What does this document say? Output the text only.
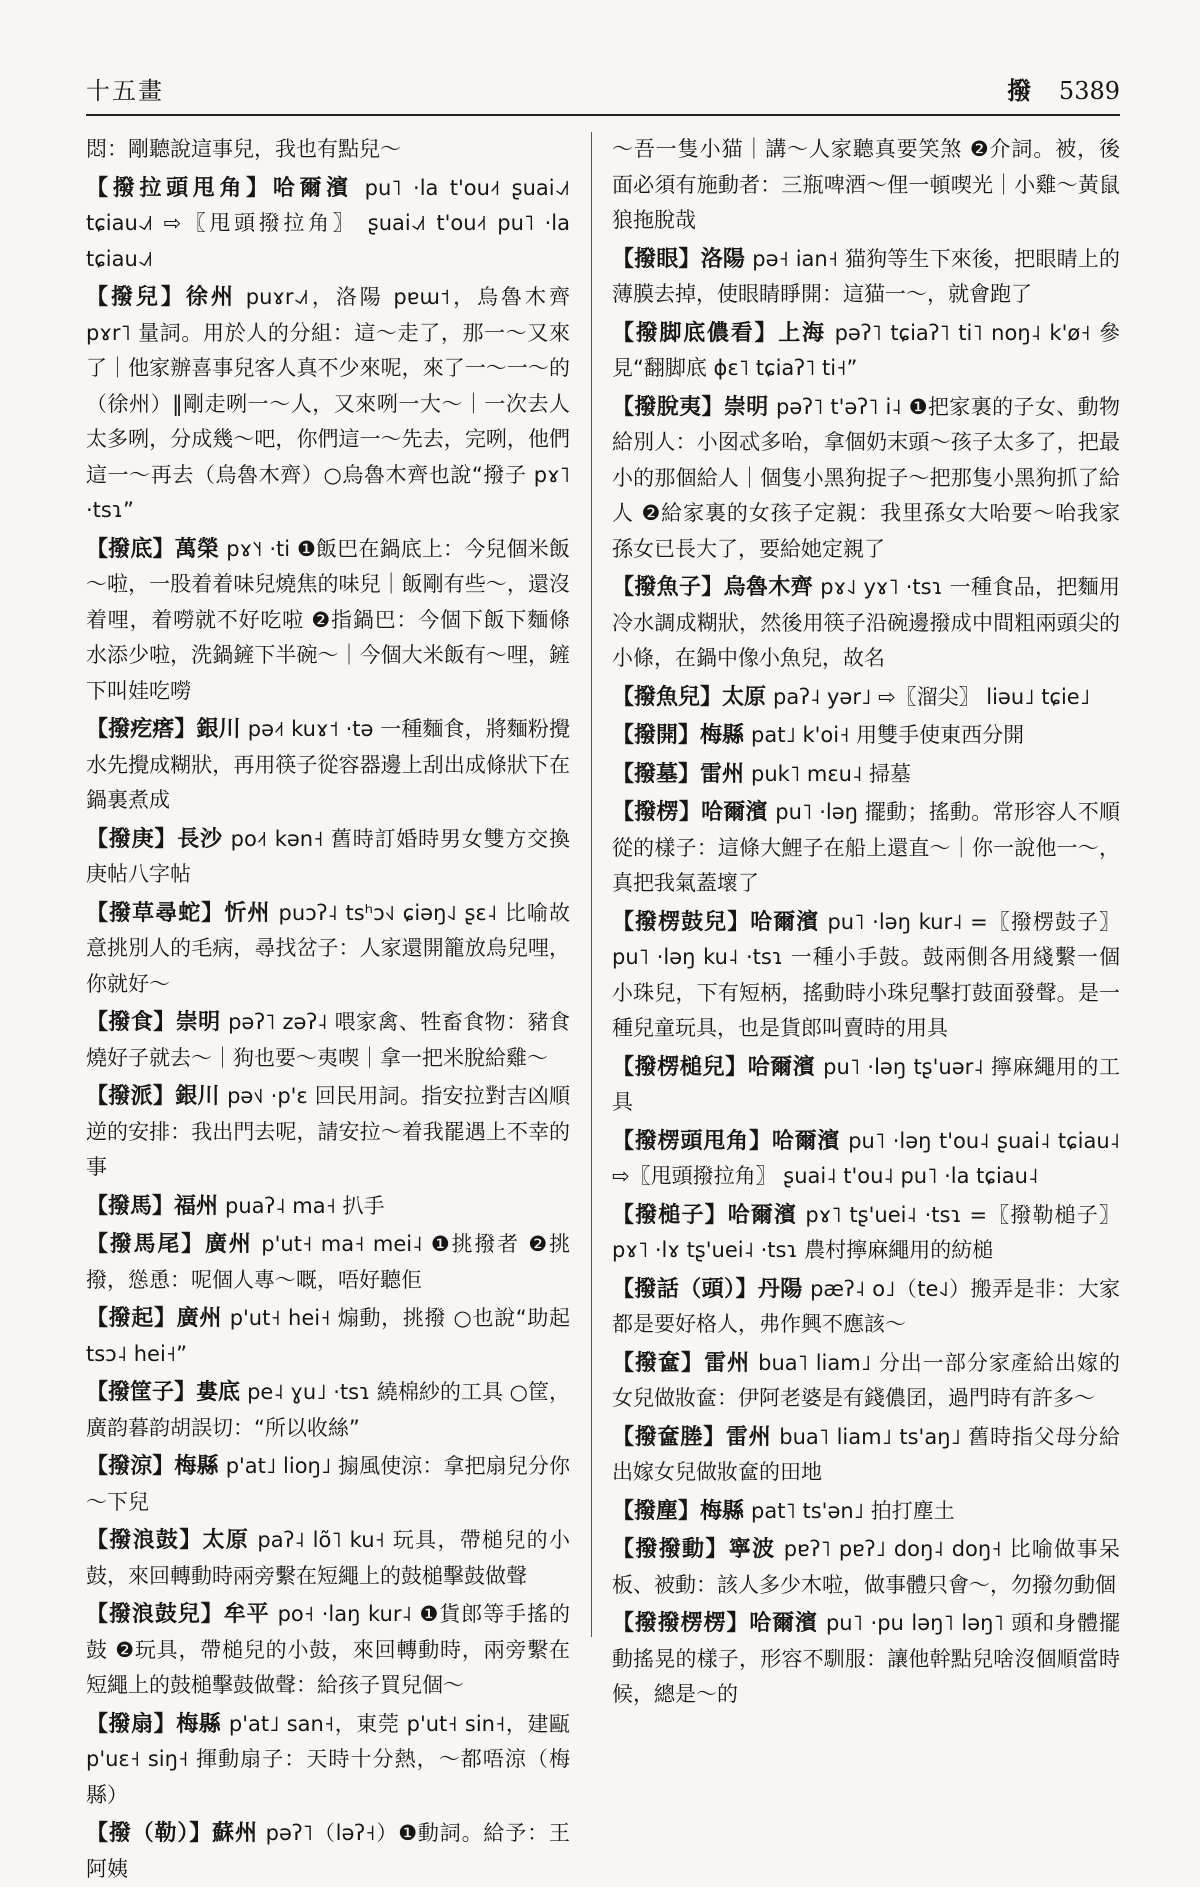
十五畫	撥 5389

悶：剛聽說這事兒，我也有點兒～

【撥拉頭甩角】哈爾濱 pu˥ ·la t'ou˨˦ ʂuai˨˩˦ tɕiau˨˩˦ ⇨〖甩頭撥拉角〗 ʂuai˨˩˦ t'ou˨˦ pu˥ ·la tɕiau˨˩˦

【撥兒】徐州 puɤr˨˩˦，洛陽 pɐɯ˦，烏魯木齊 pɤr˥ 量詞。用於人的分組：這～走了，那一～又來了｜他家辦喜事兒客人真不少來呢，來了一～一～的（徐州）‖剛走咧一～人，又來咧一大～｜一次去人太多咧，分成幾～吧，你們這一～先去，完咧，他們這一～再去（烏魯木齊）○烏魯木齊也說“撥子 pɤ˥ ·tsɿ”

【撥底】萬榮 pɤ˥˧ ·ti ❶飯巴在鍋底上：今兒個米飯～啦，一股着着味兒燒焦的味兒｜飯剛有些～，還沒着哩，着嘮就不好吃啦 ❷指鍋巴：今個下飯下麵條水添少啦，洗鍋鏟下半碗～｜今個大米飯有～哩，鏟下叫娃吃嘮

【撥疙瘩】銀川 pə˨˦ kuɤ˦ ·tə 一種麵食，將麵粉攪水先攪成糊狀，再用筷子從容器邊上刮出成條狀下在鍋裏煮成

【撥庚】長沙 po˨˦ kən˧ 舊時訂婚時男女雙方交換庚帖八字帖

【撥草尋蛇】忻州 puɔʔ˨ tsʰɔ˧˩ ɕiəŋ˨˩ ʂɛ˨ 比喻故意挑別人的毛病，尋找岔子：人家還開籠放烏兒哩，你就好～

【撥食】崇明 pəʔ˥ zəʔ˨ 喂家禽、牲畜食物：豬食燒好子就去～｜狗也要～夷喫｜拿一把米脫給雞～

【撥派】銀川 pə˦˩ ·p'ɛ 回民用詞。指安拉對吉凶順逆的安排：我出門去呢，請安拉～着我罷遇上不幸的事

【撥馬】福州 puaʔ˨ ma˧ 扒手

【撥馬尾】廣州 p'ut˧ ma˧ mei˨ ❶挑撥者 ❷挑撥，慫恿：呢個人專～嘅，唔好聽佢

【撥起】廣州 p'ut˧ hei˧ 煽動，挑撥 ○也說“助起 tsɔ˨ hei˧”

【撥筐子】婁底 pe˨ ɣu˩ ·tsɿ 繞棉紗的工具 ○筐，廣韵暮韵胡誤切：“所以收絲”

【撥涼】梅縣 p'at˩ lioŋ˩ 搧風使涼：拿把扇兒分你～下兒

【撥浪鼓】太原 paʔ˨ lõ˥ ku˧ 玩具，帶槌兒的小鼓，來回轉動時兩旁繫在短繩上的鼓槌擊鼓做聲

【撥浪鼓兒】牟平 po˧ ·laŋ kur˨ ❶貨郎等手搖的鼓 ❷玩具，帶槌兒的小鼓，來回轉動時，兩旁繫在短繩上的鼓槌擊鼓做聲：給孩子買兒個～

【撥扇】梅縣 p'at˩ san˧，東莞 p'ut˧ sin˧，建甌 p'uɛ˧ siŋ˧ 揮動扇子：天時十分熱，～都唔涼（梅縣）

【撥（勒）】蘇州 pəʔ˥（ləʔ˧）❶動詞。給予：王阿姨

～吾一隻小猫｜講～人家聽真要笑煞 ❷介詞。被，後面必須有施動者：三瓶啤酒～俚一頓喫光｜小雞～黃鼠狼拖脫哉

【撥眼】洛陽 pə˧ ian˧ 猫狗等生下來後，把眼睛上的薄膜去掉，使眼睛睜開：這猫一～，就會跑了

【撥脚底儂看】上海 pəʔ˥ tɕiaʔ˥ ti˥ noŋ˨ k'ø˧ 參見“翻脚底 ɸɛ˥ tɕiaʔ˥ ti˧”

【撥脫夷】崇明 pəʔ˥ t'əʔ˥ i˨ ❶把家裏的子女、動物給別人：小囡忒多咍，拿個奶末頭～孩子太多了，把最小的那個給人｜個隻小黑狗捉子～把那隻小黑狗抓了給人 ❷給家裏的女孩子定親：我里孫女大咍要～咍我家孫女已長大了，要給她定親了

【撥魚子】烏魯木齊 pɤ˨˩ yɤ˥ ·tsɿ 一種食品，把麵用冷水調成糊狀，然後用筷子沿碗邊撥成中間粗兩頭尖的小條，在鍋中像小魚兒，故名

【撥魚兒】太原 paʔ˨ yər˩ ⇨〖溜尖〗 liəu˩ tɕie˩

【撥開】梅縣 pat˩ k'oi˧ 用雙手使東西分開

【撥墓】雷州 puk˥ mɛu˨ 掃墓

【撥楞】哈爾濱 pu˥ ·ləŋ 擺動；搖動。常形容人不順從的樣子：這條大鯉子在船上還直～｜你一說他一～，真把我氣蓋壞了

【撥楞鼓兒】哈爾濱 pu˥ ·ləŋ kur˨ =〖撥楞鼓子〗 pu˥ ·ləŋ ku˨ ·tsɿ 一種小手鼓。鼓兩側各用綫繫一個小珠兒，下有短柄，搖動時小珠兒擊打鼓面發聲。是一種兒童玩具，也是貨郎叫賣時的用具

【撥楞槌兒】哈爾濱 pu˥ ·ləŋ tʂ'uər˨ 擰麻繩用的工具

【撥楞頭甩角】哈爾濱 pu˥ ·ləŋ t'ou˨ ʂuai˨ tɕiau˨ ⇨〖甩頭撥拉角〗 ʂuai˨ t'ou˨ pu˥ ·la tɕiau˨

【撥槌子】哈爾濱 pɤ˥ tʂ'uei˨ ·tsɿ =〖撥勒槌子〗 pɤ˥ ·lɤ tʂ'uei˨ ·tsɿ 農村擰麻繩用的紡槌

【撥話（頭）】丹陽 pæʔ˨ o˩（te˨˩）搬弄是非：大家都是要好格人，弗作興不應該～

【撥奩】雷州 bua˥ liam˩ 分出一部分家產給出嫁的女兒做妝奩：伊阿老婆是有錢儂囝，過門時有許多～

【撥奩塍】雷州 bua˥ liam˩ ts'aŋ˩ 舊時指父母分給出嫁女兒做妝奩的田地

【撥塵】梅縣 pat˥ ts'ən˩ 拍打塵土

【撥撥動】寧波 pɐʔ˥ pɐʔ˩ doŋ˨ doŋ˧ 比喻做事呆板、被動：該人多少木啦，做事體只會～，勿撥勿動個

【撥撥楞楞】哈爾濱 pu˥ ·pu ləŋ˥ ləŋ˥ 頭和身體擺動搖晃的樣子，形容不馴服：讓他幹點兒啥沒個順當時候，總是～的
